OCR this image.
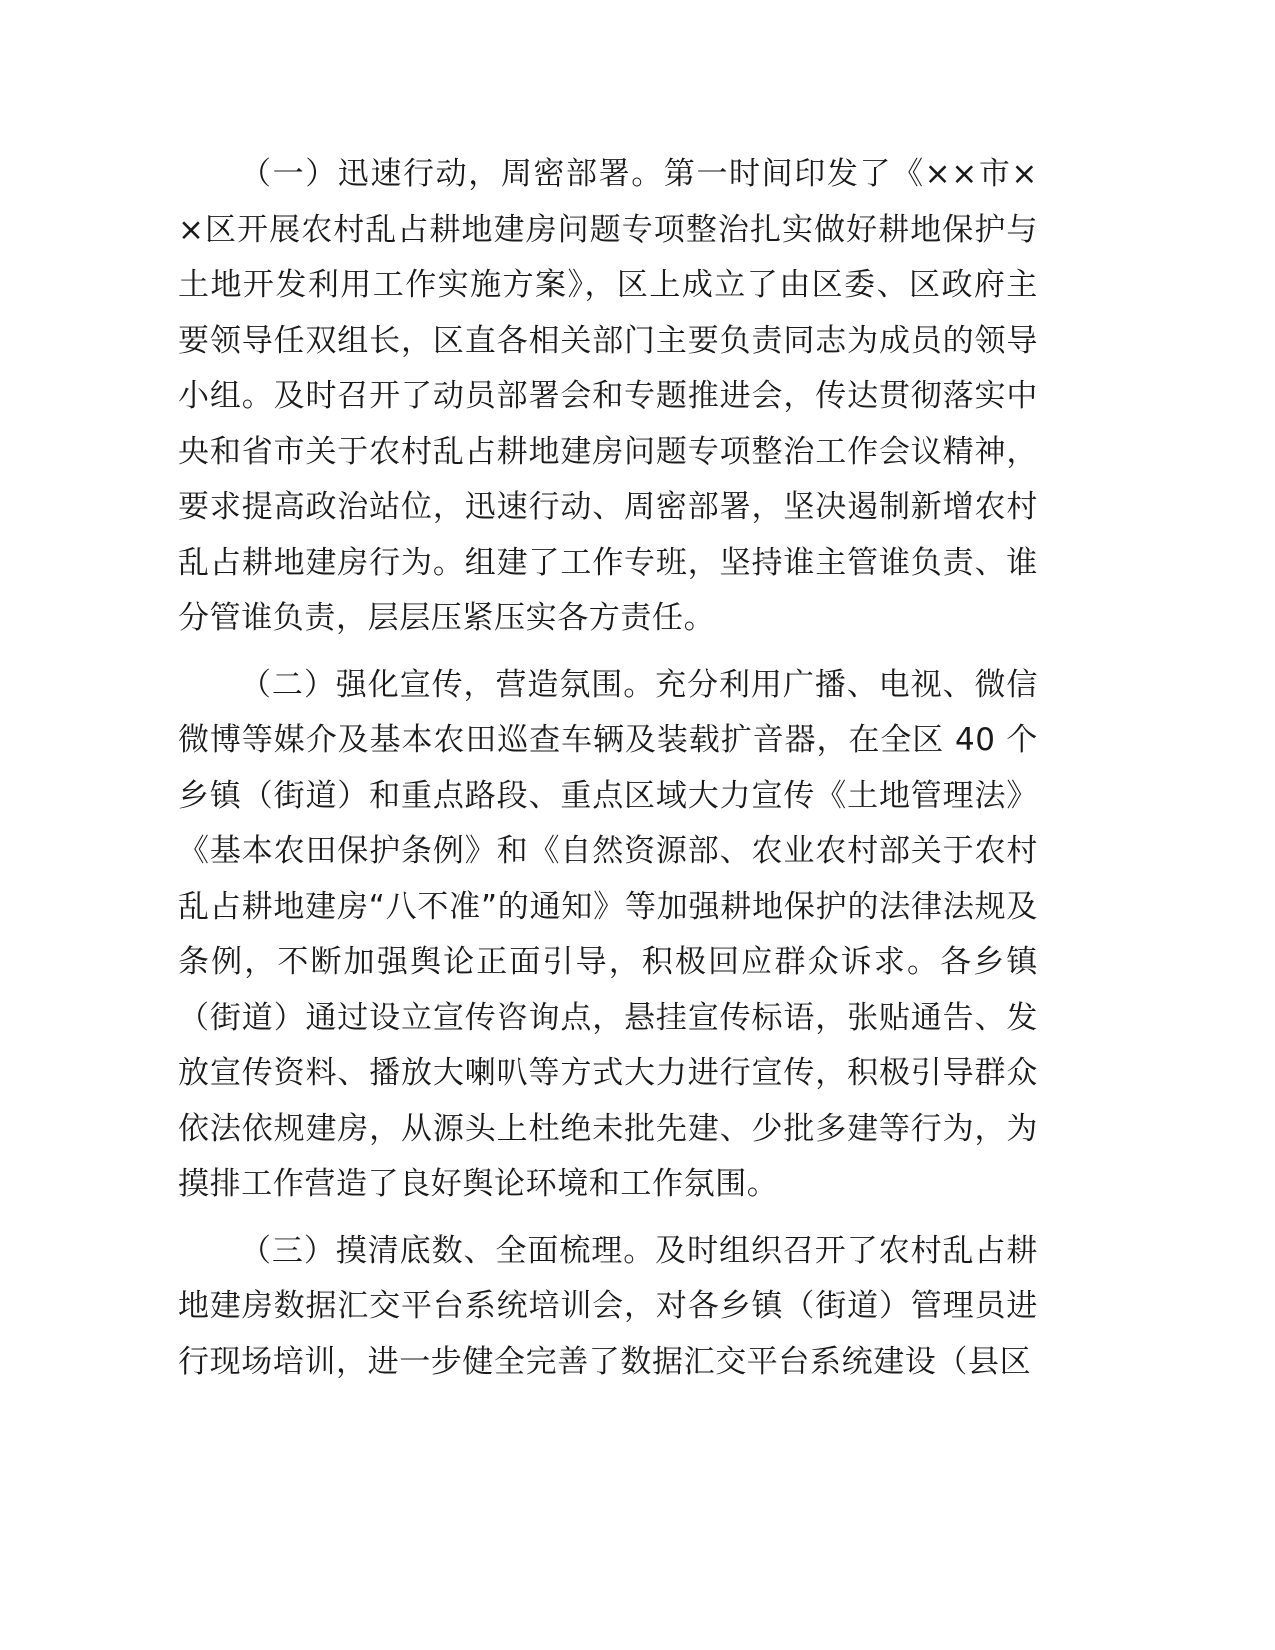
（一）迅速行动，周密部署。第一时间印发了《××市××区开展农村乱占耕地建房问题专项整治扎实做好耕地保护与土地开发利用工作实施方案》，区上成立了由区委、区政府主要领导任双组长，区直各相关部门主要负责同志为成员的领导小组。及时召开了动员部署会和专题推进会，传达贯彻落实中央和省市关于农村乱占耕地建房问题专项整治工作会议精神，要求提高政治站位，迅速行动、周密部署，坚决遏制新增农村乱占耕地建房行为。组建了工作专班，坚持谁主管谁负责、谁分管谁负责，层层压紧压实各方责任。

（二）强化宣传，营造氛围。充分利用广播、电视、微信微博等媒介及基本农田巡查车辆及装载扩音器，在全区 40 个乡镇（街道）和重点路段、重点区域大力宣传《土地管理法》《基本农田保护条例》和《自然资源部、农业农村部关于农村乱占耕地建房“八不准”的通知》等加强耕地保护的法律法规及条例，不断加强舆论正面引导，积极回应群众诉求。各乡镇（街道）通过设立宣传咨询点，悬挂宣传标语，张贴通告、发放宣传资料、播放大喇叭等方式大力进行宣传，积极引导群众依法依规建房，从源头上杜绝未批先建、少批多建等行为，为摸排工作营造了良好舆论环境和工作氛围。

（三）摸清底数、全面梳理。及时组织召开了农村乱占耕地建房数据汇交平台系统培训会，对各乡镇（街道）管理员进行现场培训，进一步健全完善了数据汇交平台系统建设（县区
